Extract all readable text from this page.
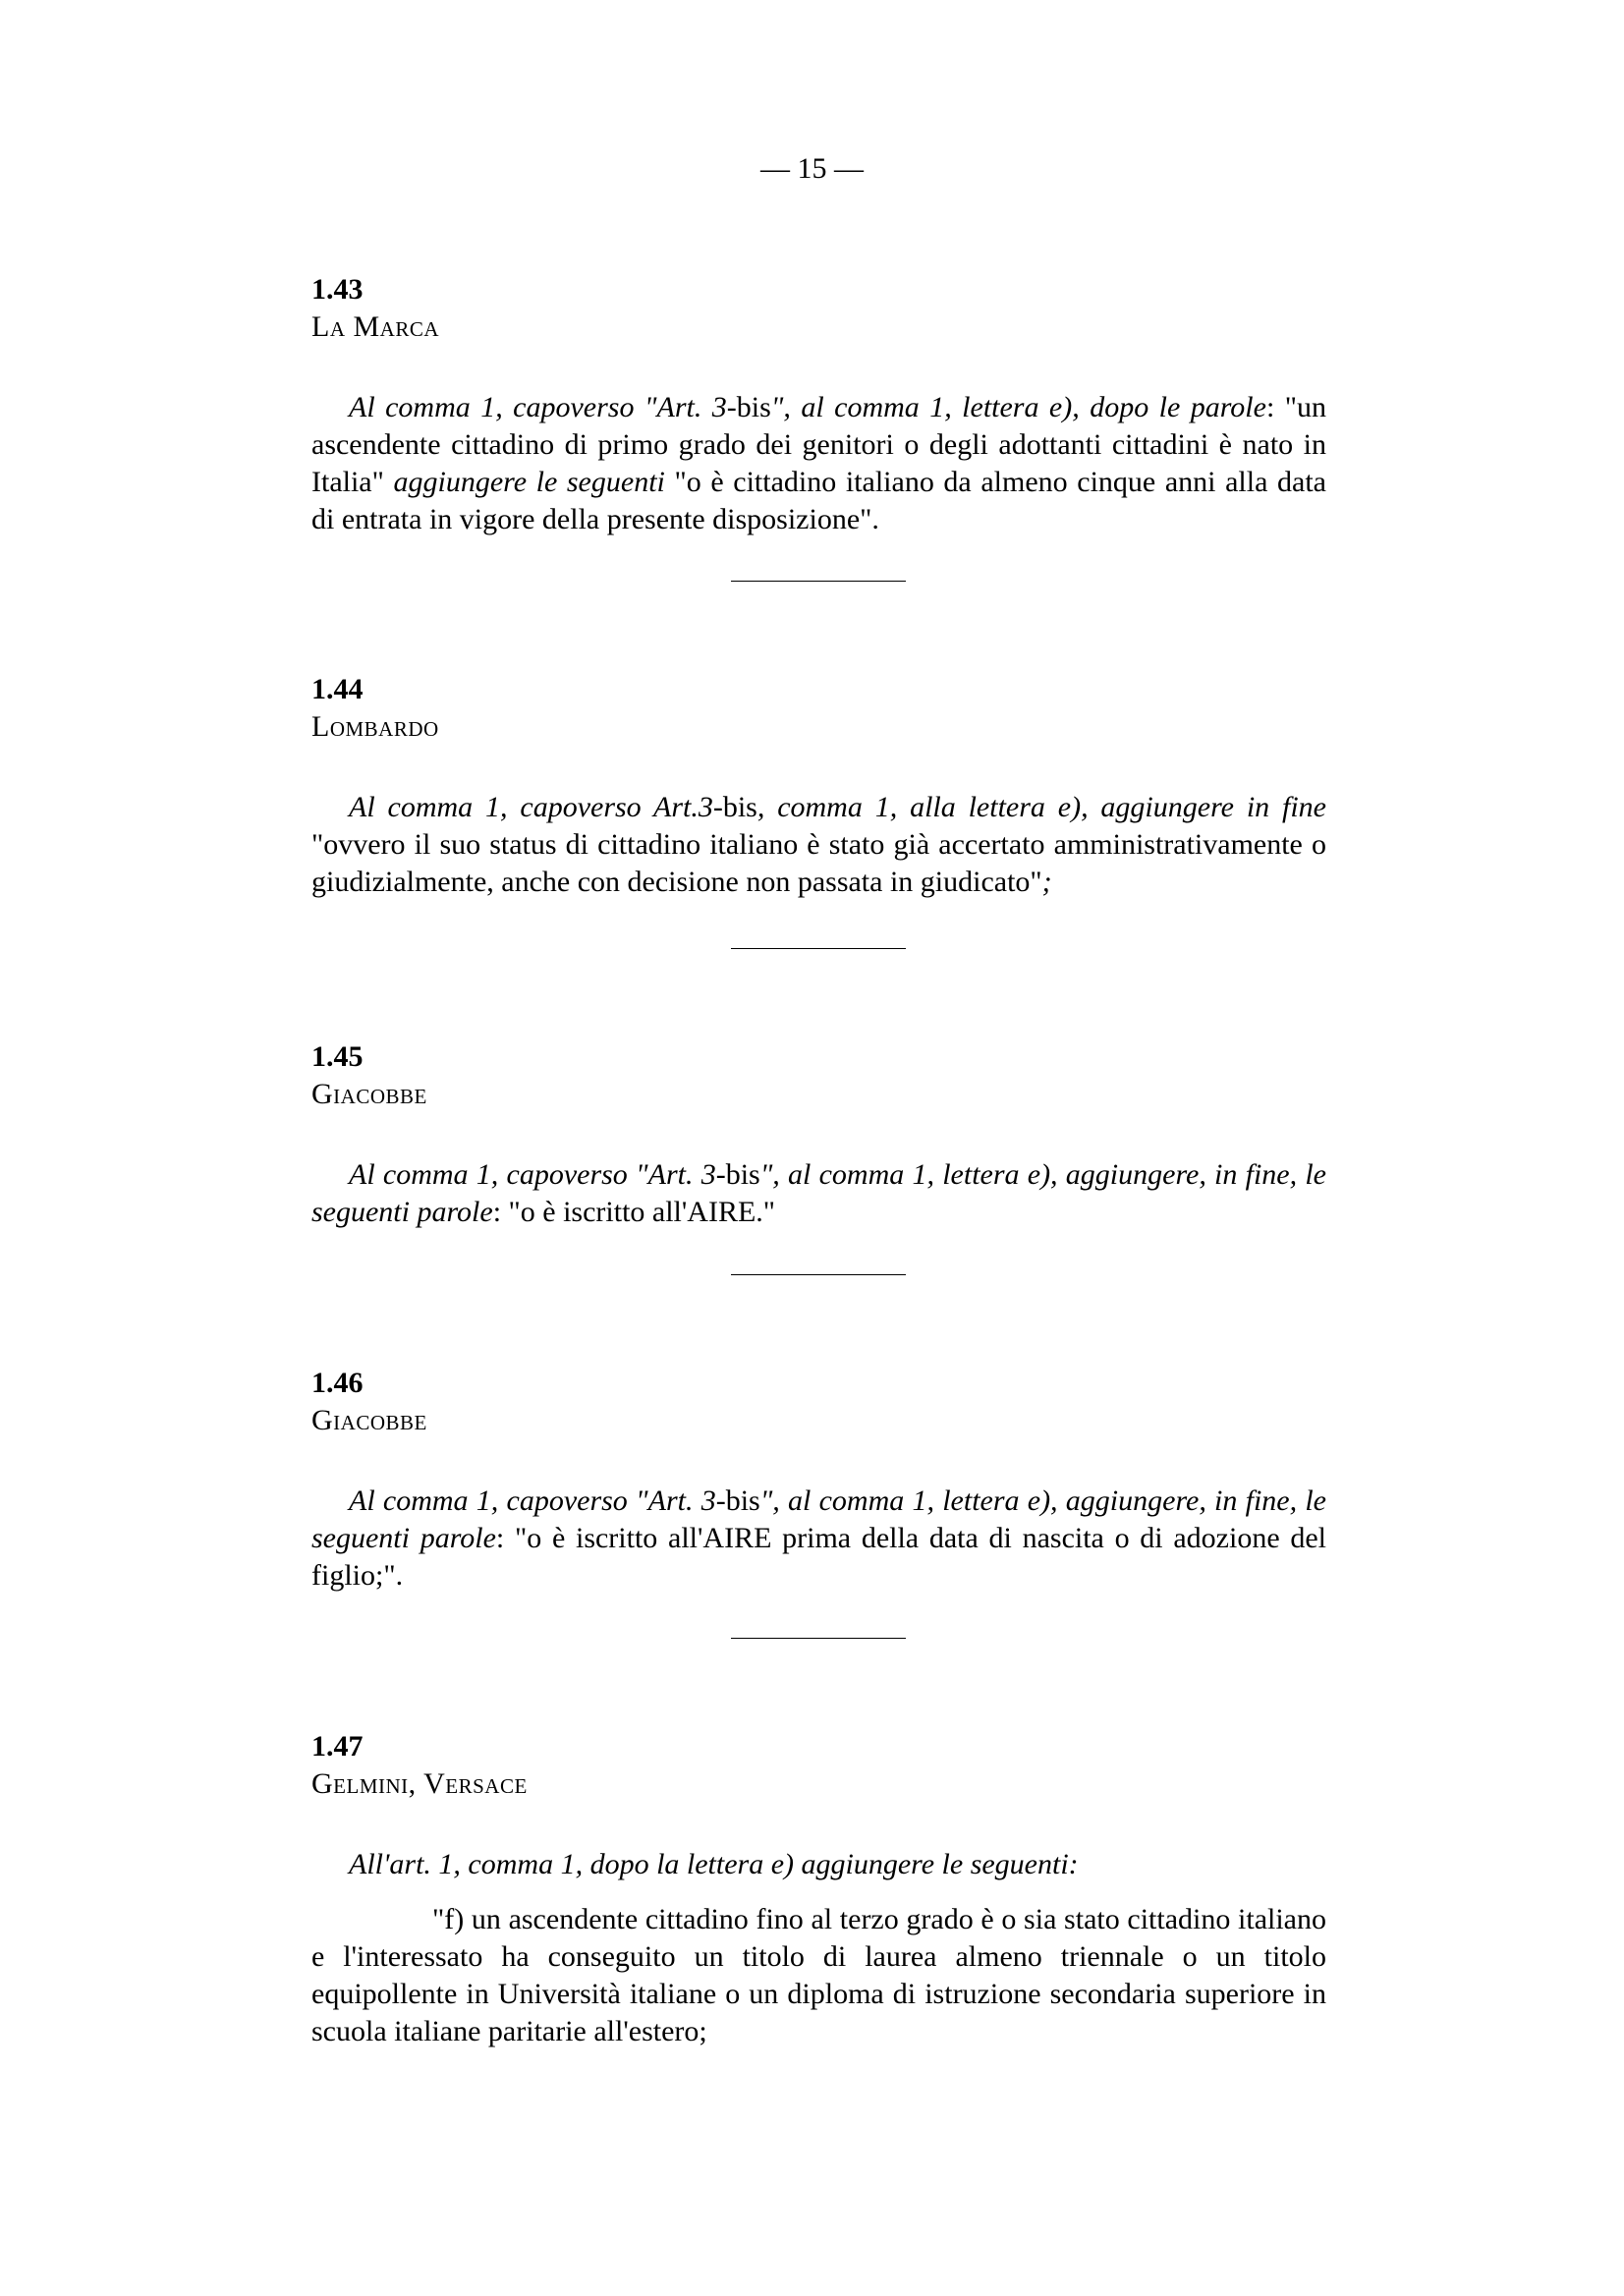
— 15 —
1.43
La Marca
Al comma 1, capoverso "Art. 3-bis", al comma 1, lettera e), dopo le parole: "un ascendente cittadino di primo grado dei genitori o degli adottanti cittadini è nato in Italia" aggiungere le seguenti "o è cittadino italiano da almeno cinque anni alla data di entrata in vigore della presente disposizione".
1.44
Lombardo
Al comma 1, capoverso Art.3-bis, comma 1, alla lettera e), aggiungere in fine "ovvero il suo status di cittadino italiano è stato già accertato amministrativamente o giudizialmente, anche con decisione non passata in giudicato";
1.45
Giacobbe
Al comma 1, capoverso "Art. 3-bis", al comma 1, lettera e), aggiungere, in fine, le seguenti parole: "o è iscritto all'AIRE."
1.46
Giacobbe
Al comma 1, capoverso "Art. 3-bis", al comma 1, lettera e), aggiungere, in fine, le seguenti parole: "o è iscritto all'AIRE prima della data di nascita o di adozione del figlio;".
1.47
Gelmini, Versace
All'art. 1, comma 1, dopo la lettera e) aggiungere le seguenti:
"f) un ascendente cittadino fino al terzo grado è o sia stato cittadino italiano e l'interessato ha conseguito un titolo di laurea almeno triennale o un titolo equipollente in Università italiane o un diploma di istruzione secondaria superiore in scuola italiane paritarie all'estero;
